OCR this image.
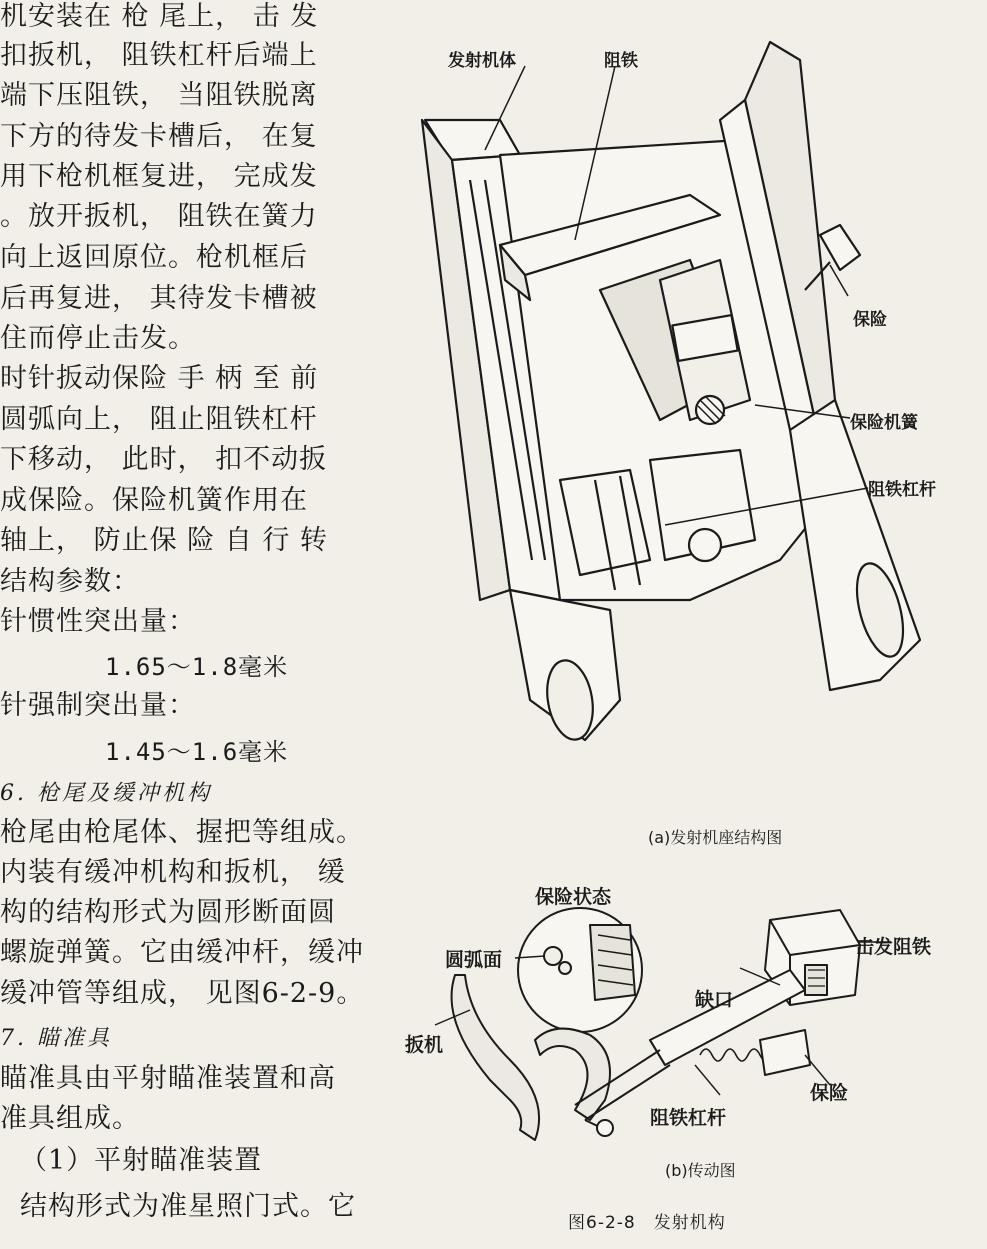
机安装在 枪 尾上， 击 发
扣扳机， 阻铁杠杆后端上
端下压阻铁， 当阻铁脱离
下方的待发卡槽后， 在复
用下枪机框复进， 完成发
。放开扳机， 阻铁在簧力
向上返回原位。枪机框后
后再复进， 其待发卡槽被
住而停止击发。
时针扳动保险 手 柄 至 前
圆弧向上， 阻止阻铁杠杆
下移动， 此时， 扣不动扳
成保险。保险机簧作用在
轴上， 防止保 险 自 行 转
结构参数：
针惯性突出量：
1.65～1.8毫米
针强制突出量：
1.45～1.6毫米
6. 枪尾及缓冲机构
枪尾由枪尾体、握把等组成。
内装有缓冲机构和扳机， 缓
构的结构形式为圆形断面圆
螺旋弹簧。它由缓冲杆，缓冲
缓冲管等组成， 见图6-2-9。
7. 瞄准具
瞄准具由平射瞄准装置和高
准具组成。
（1）平射瞄准装置
结构形式为准星照门式。它
发射机体	阻铁
保险
保险机簧
阻铁杠杆
(a)发射机座结构图
保险状态
圆弧面
击发阻铁
缺口
扳机
保险
阻铁杠杆
(b)传动图
图6-2-8　发射机构
